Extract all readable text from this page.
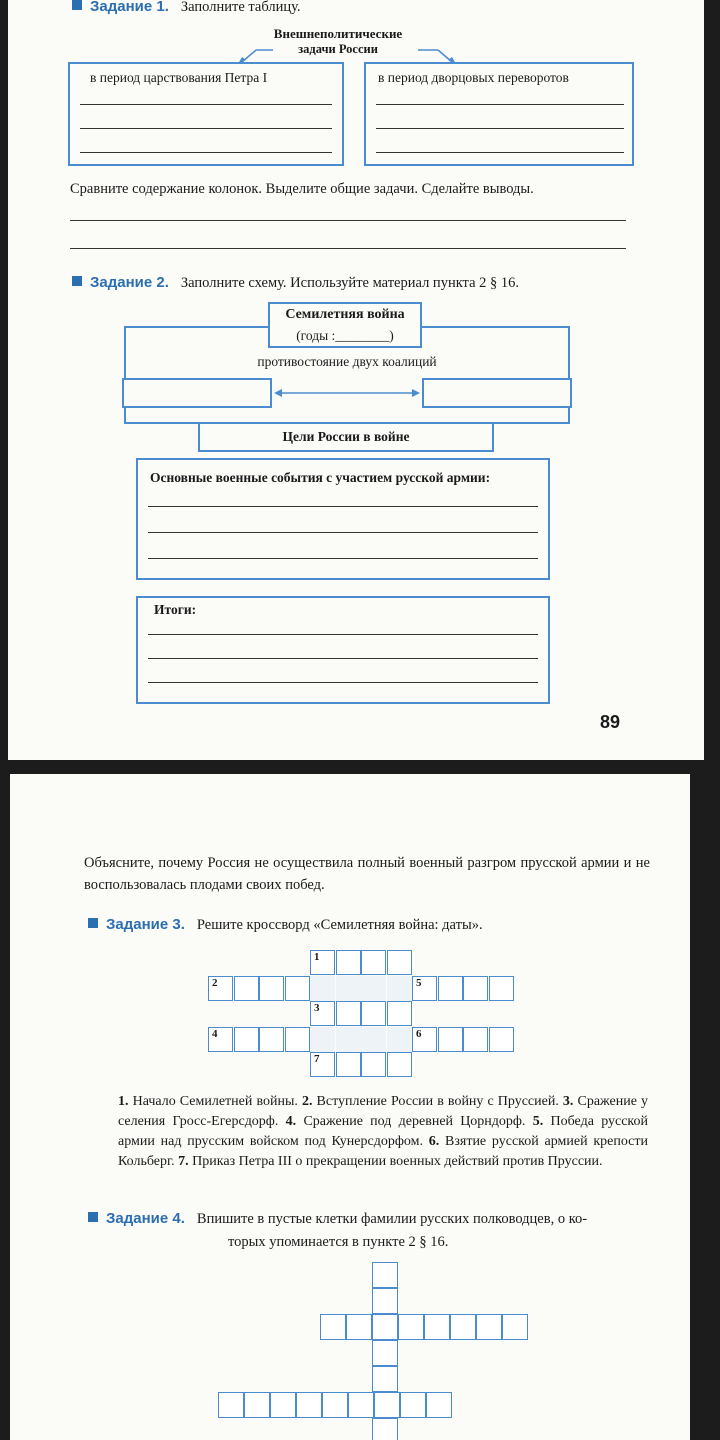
Задание 1. Заполните таблицу.
Внешнеполитические
задачи России
в период царствования Петра I	в период дворцовых переворотов
Сравните содержание колонок. Выделите общие задачи. Сделайте выводы.
Задание 2. Заполните схему. Используйте материал пункта 2 § 16.
противостояние двух коалиций
Семилетняя война
(годы :________)
Цели России в войне
Основные военные события с участием русской армии:
Итоги:
89
Объясните, почему Россия не осуществила полный военный разгром прусской армии и не воспользовалась плодами своих побед.
Задание 3. Решите кроссворд «Семилетняя война: даты».
1
2	5
3
4	6
7
1. Начало Семилетней войны. 2. Вступление России в войну с Пруссией. 3. Сражение у селения Гросс-Егерсдорф. 4. Сражение под деревней Цорндорф. 5. Победа русской армии над прусским войском под Кунерсдорфом. 6. Взятие русской армией крепости Кольберг. 7. Приказ Петра III о прекращении военных действий против Пруссии.
Задание 4. Впишите в пустые клетки фамилии русских полководцев, о ко-
торых упоминается в пункте 2 § 16.
